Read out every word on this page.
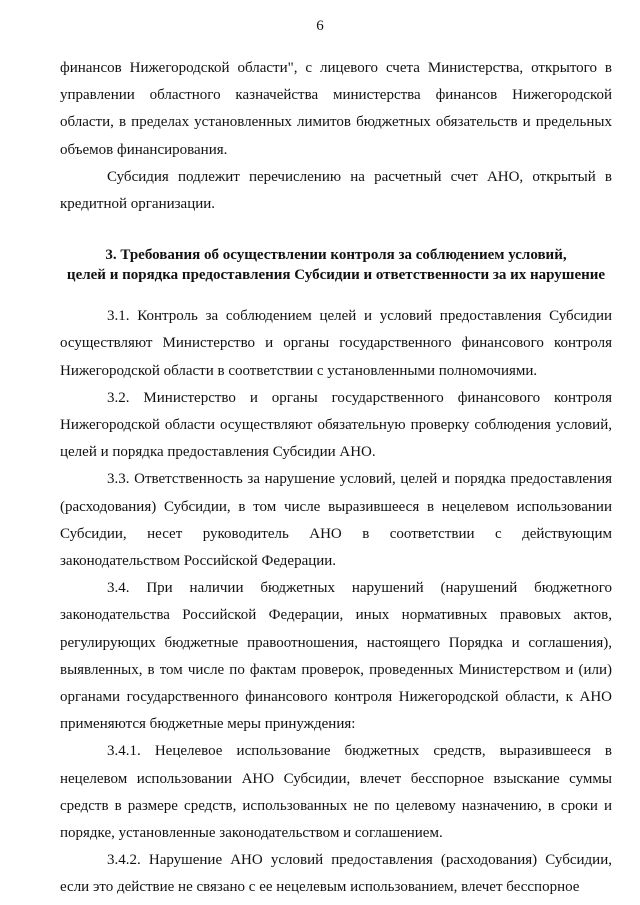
6

финансов Нижегородской области", с лицевого счета Министерства, открытого в управлении областного казначейства министерства финансов Нижегородской области, в пределах установленных лимитов бюджетных обязательств и предельных объемов финансирования.

Субсидия подлежит перечислению на расчетный счет АНО, открытый в кредитной организации.

3. Требования об осуществлении контроля за соблюдением условий,
целей и порядка предоставления Субсидии и ответственности за их нарушение

3.1. Контроль за соблюдением целей и условий предоставления Субсидии осуществляют Министерство и органы государственного финансового контроля Нижегородской области в соответствии с установленными полномочиями.

3.2. Министерство и органы государственного финансового контроля Нижегородской области осуществляют обязательную проверку соблюдения условий, целей и порядка предоставления Субсидии АНО.

3.3. Ответственность за нарушение условий, целей и порядка предоставления (расходования) Субсидии, в том числе выразившееся в нецелевом использовании Субсидии, несет руководитель АНО в соответствии с действующим законодательством Российской Федерации.

3.4. При наличии бюджетных нарушений (нарушений бюджетного законодательства Российской Федерации, иных нормативных правовых актов, регулирующих бюджетные правоотношения, настоящего Порядка и соглашения), выявленных, в том числе по фактам проверок, проведенных Министерством и (или) органами государственного финансового контроля Нижегородской области, к АНО применяются бюджетные меры принуждения:

3.4.1. Нецелевое использование бюджетных средств, выразившееся в нецелевом использовании АНО Субсидии, влечет бесспорное взыскание суммы средств в размере средств, использованных не по целевому назначению, в сроки и порядке, установленные законодательством и соглашением.

3.4.2. Нарушение АНО условий предоставления (расходования) Субсидии, если это действие не связано с ее нецелевым использованием, влечет бесспорное
